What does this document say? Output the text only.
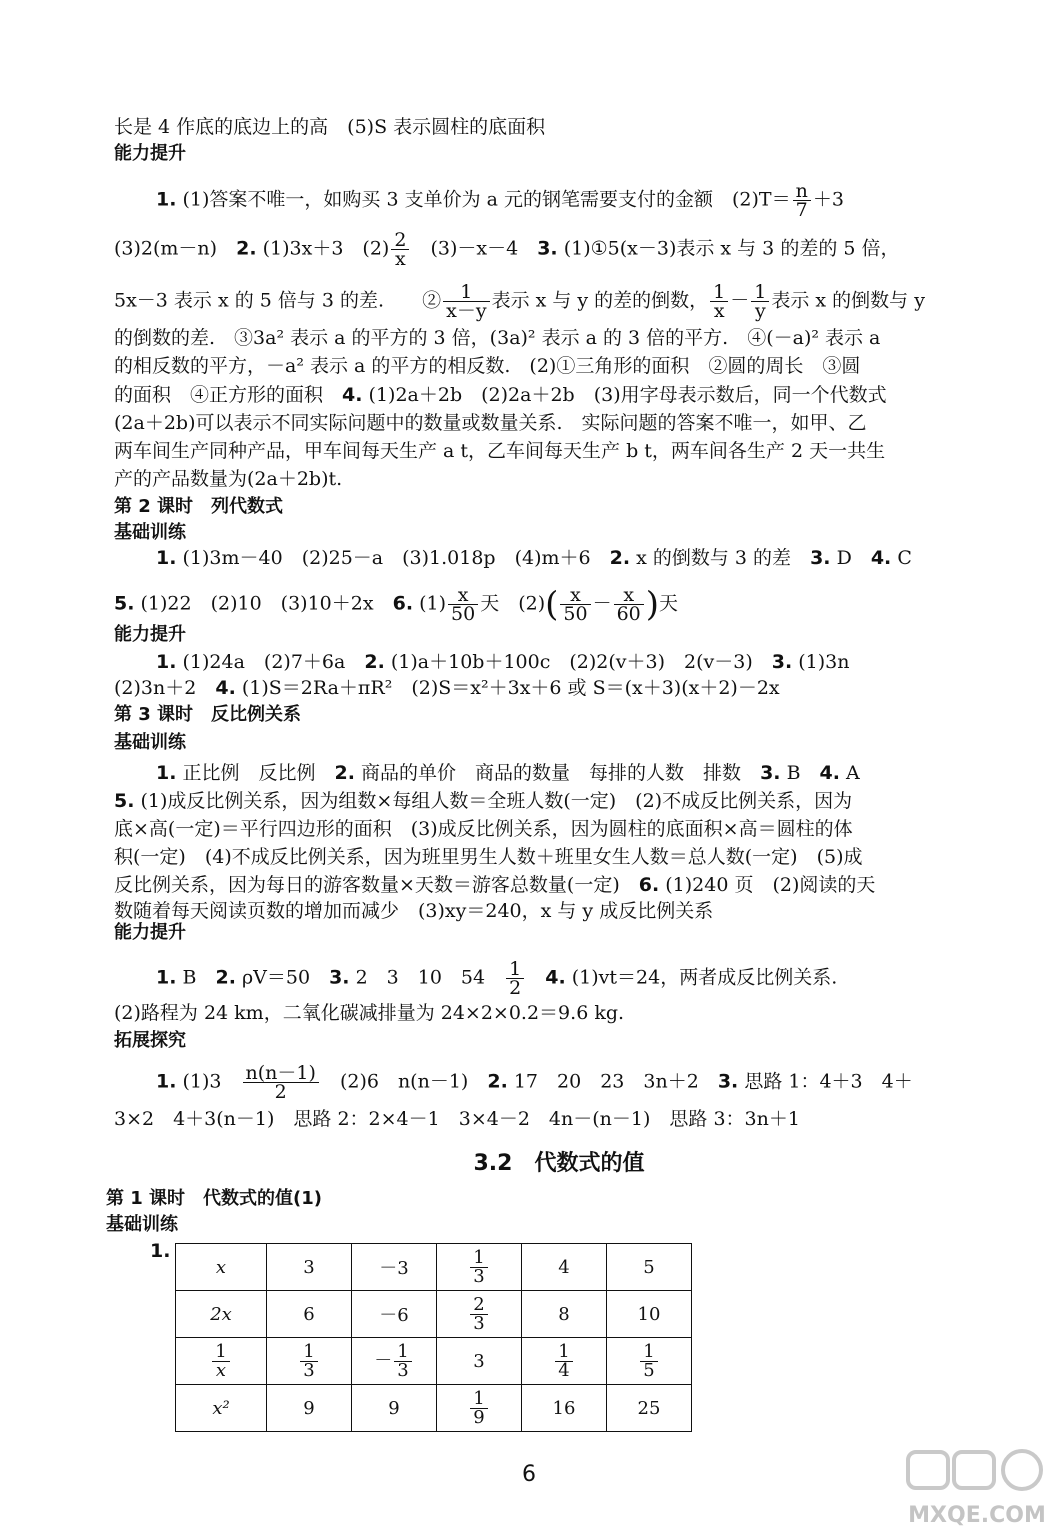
长是 4 作底的底边上的高　(5)S 表示圆柱的底面积
能力提升
1. (1)答案不唯一，如购买 3 支单价为 a 元的钢笔需要支付的金额　$(2)T= \frac{n}{7} +3$
(3)2(m－n)　 2. (1)3x＋3　$(2) \frac{2}{x}$
　 (3)－x－4　 3. (1)①5(x－3)表示 x 与 3 的差的 5 倍，
5x－3 表示 x 的 5 倍与 3 的差.　　② $\frac{1}{x-y}$ 表示 x 与 y 的差的倒数， $\frac{1}{x} - \frac{1}{y}$ 表示 x 的倒数与 y
的倒数的差.　③3a² 表示 a 的平方的 3 倍，(3a)² 表示 a 的 3 倍的平方.　④(－a)² 表示 a
的相反数的平方，－a² 表示 a 的平方的相反数.　(2)①三角形的面积　②圆的周长　③圆
的面积　④正方形的面积　 4. (1)2a＋2b　(2)2a＋2b　(3)用字母表示数后，同一个代数式
(2a＋2b)可以表示不同实际问题中的数量或数量关系.　实际问题的答案不唯一，如甲、乙
两车间生产同种产品，甲车间每天生产 a t，乙车间每天生产 b t，两车间各生产 2 天一共生
产的产品数量为(2a＋2b)t.
第 2 课时　列代数式
基础训练
1. (1)3m－40　(2)25－a　(3)1.018p　(4)m＋6　 2. x 的倒数与 3 的差　 3. D　 4. C
5. (1)22　(2)10　(3)10＋2x　 6. $(1) \frac{x}{50}$ 天　$(2)( \frac{x}{50} - \frac{x}{60}$ )天
能力提升
1. (1)24a　(2)7＋6a　 2. (1)a＋10b＋100c　(2)2(v＋3)　2(v－3)　 3. (1)3n
(2)3n＋2　 4. (1)S＝2Ra＋πR²　(2)S＝x²＋3x＋6 或 S＝(x＋3)(x＋2)－2x
第 3 课时　反比例关系
基础训练
1. 正比例　反比例　 2. 商品的单价　商品的数量　每排的人数　排数　 3. B　 4. A
5. (1)成反比例关系，因为组数×每组人数＝全班人数(一定)　(2)不成反比例关系，因为
底×高(一定)＝平行四边形的面积　(3)成反比例关系，因为圆柱的底面积×高＝圆柱的体
积(一定)　(4)不成反比例关系，因为班里男生人数＋班里女生人数＝总人数(一定)　(5)成
反比例关系，因为每日的游客数量×天数＝游客总数量(一定)　 6. (1)240 页　(2)阅读的天
数随着每天阅读页数的增加而减少　(3)xy＝240，x 与 y 成反比例关系
能力提升
1. B　 2. ρV＝50　 3. 2　3　10　54　 $\frac{1}{2}$
　 4. (1)vt＝24，两者成反比例关系.
(2)路程为 24 km，二氧化碳减排量为 24×2×0.2＝9.6 kg.
拓展探究
1. (1)3　 $\frac{n(n-1)}{2}$
　 (2)6　n(n－1)　 2. 17　20　23　3n＋2　 3. 思路 1：4＋3　4＋
3×2　4＋3(n－1)　思路 2：2×4－1　3×4－2　4n－(n－1)　思路 3：3n＋1
3.2　代数式的值
第 1 课时　代数式的值(1)
基础训练
1.
x	3	－3	$\frac{1}{3}$	4	5
2x	6	－6	$\frac{2}{3}$	8	10

$\frac{1}{x}$	$\frac{1}{3}$	－ $\frac{1}{3}$	3	$\frac{1}{4}$	$\frac{1}{5}$

x²	9	9	$\frac{1}{9}$	16	25
6
MXQE.COM
